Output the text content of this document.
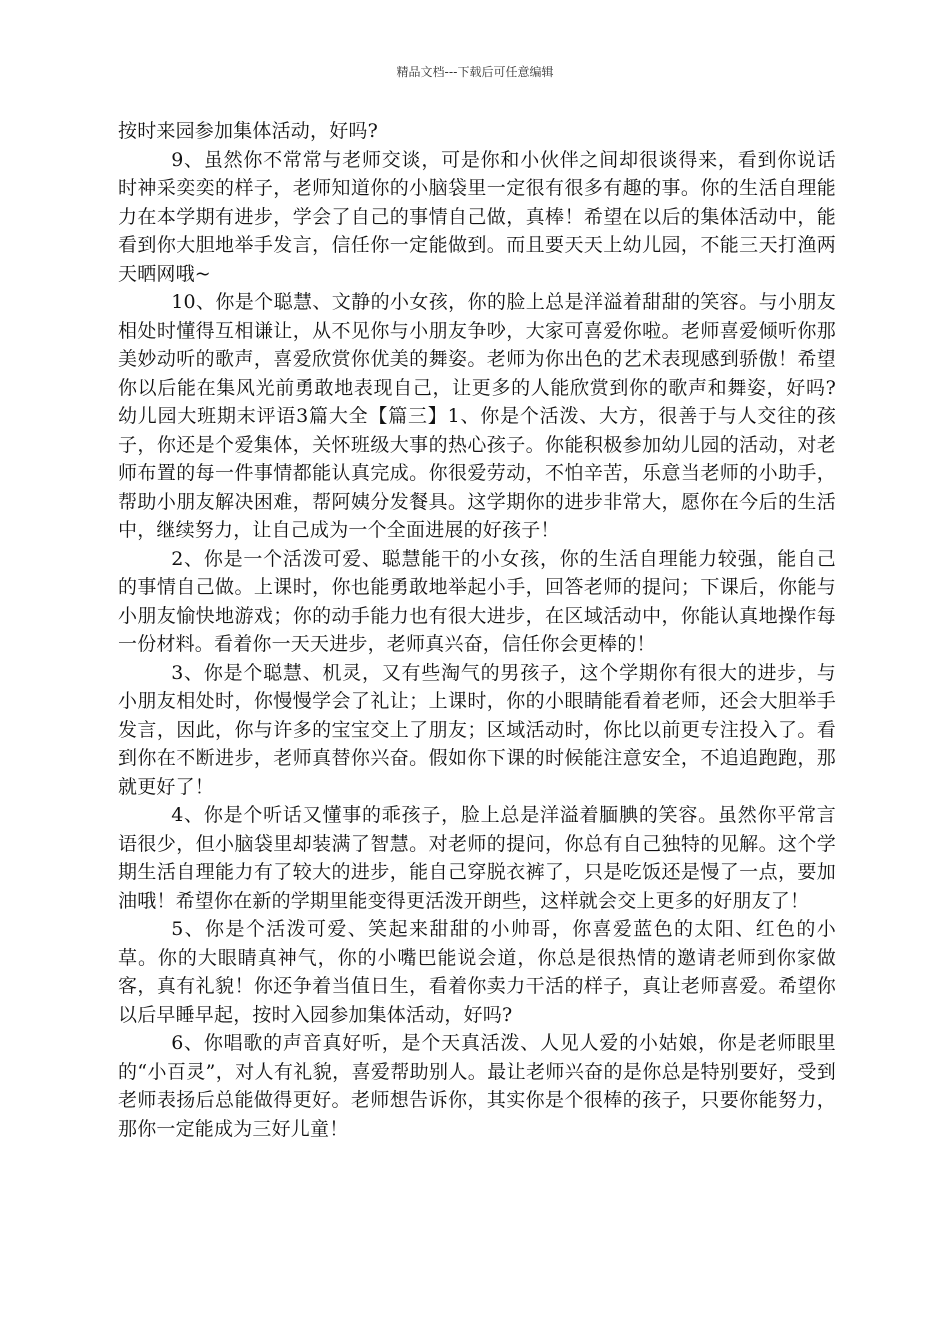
精品文档---下载后可任意编辑

按时来园参加集体活动，好吗?

9、虽然你不常常与老师交谈，可是你和小伙伴之间却很谈得来，看到你说话时神采奕奕的样子，老师知道你的小脑袋里一定很有很多有趣的事。你的生活自理能力在本学期有进步，学会了自己的事情自己做，真棒！希望在以后的集体活动中，能看到你大胆地举手发言，信任你一定能做到。而且要天天上幼儿园，不能三天打渔两天晒网哦~

10、你是个聪慧、文静的小女孩，你的脸上总是洋溢着甜甜的笑容。与小朋友相处时懂得互相谦让，从不见你与小朋友争吵，大家可喜爱你啦。老师喜爱倾听你那美妙动听的歌声，喜爱欣赏你优美的舞姿。老师为你出色的艺术表现感到骄傲！希望你以后能在集风光前勇敢地表现自己，让更多的人能欣赏到你的歌声和舞姿，好吗?幼儿园大班期末评语3篇大全【篇三】1、你是个活泼、大方，很善于与人交往的孩子，你还是个爱集体，关怀班级大事的热心孩子。你能积极参加幼儿园的活动，对老师布置的每一件事情都能认真完成。你很爱劳动，不怕辛苦，乐意当老师的小助手，帮助小朋友解决困难，帮阿姨分发餐具。这学期你的进步非常大，愿你在今后的生活中，继续努力，让自己成为一个全面进展的好孩子！

2、你是一个活泼可爱、聪慧能干的小女孩，你的生活自理能力较强，能自己的事情自己做。上课时，你也能勇敢地举起小手，回答老师的提问；下课后，你能与小朋友愉快地游戏；你的动手能力也有很大进步，在区域活动中，你能认真地操作每一份材料。看着你一天天进步，老师真兴奋，信任你会更棒的！

3、你是个聪慧、机灵，又有些淘气的男孩子，这个学期你有很大的进步，与小朋友相处时，你慢慢学会了礼让；上课时，你的小眼睛能看着老师，还会大胆举手发言，因此，你与许多的宝宝交上了朋友；区域活动时，你比以前更专注投入了。看到你在不断进步，老师真替你兴奋。假如你下课的时候能注意安全，不追追跑跑，那就更好了！

4、你是个听话又懂事的乖孩子，脸上总是洋溢着腼腆的笑容。虽然你平常言语很少，但小脑袋里却装满了智慧。对老师的提问，你总有自己独特的见解。这个学期生活自理能力有了较大的进步，能自己穿脱衣裤了，只是吃饭还是慢了一点，要加油哦！希望你在新的学期里能变得更活泼开朗些，这样就会交上更多的好朋友了！

5、你是个活泼可爱、笑起来甜甜的小帅哥，你喜爱蓝色的太阳、红色的小草。你的大眼睛真神气，你的小嘴巴能说会道，你总是很热情的邀请老师到你家做客，真有礼貌！你还争着当值日生，看着你卖力干活的样子，真让老师喜爱。希望你以后早睡早起，按时入园参加集体活动，好吗?

6、你唱歌的声音真好听，是个天真活泼、人见人爱的小姑娘，你是老师眼里的“小百灵”，对人有礼貌，喜爱帮助别人。最让老师兴奋的是你总是特别要好，受到老师表扬后总能做得更好。老师想告诉你，其实你是个很棒的孩子，只要你能努力，那你一定能成为三好儿童！
